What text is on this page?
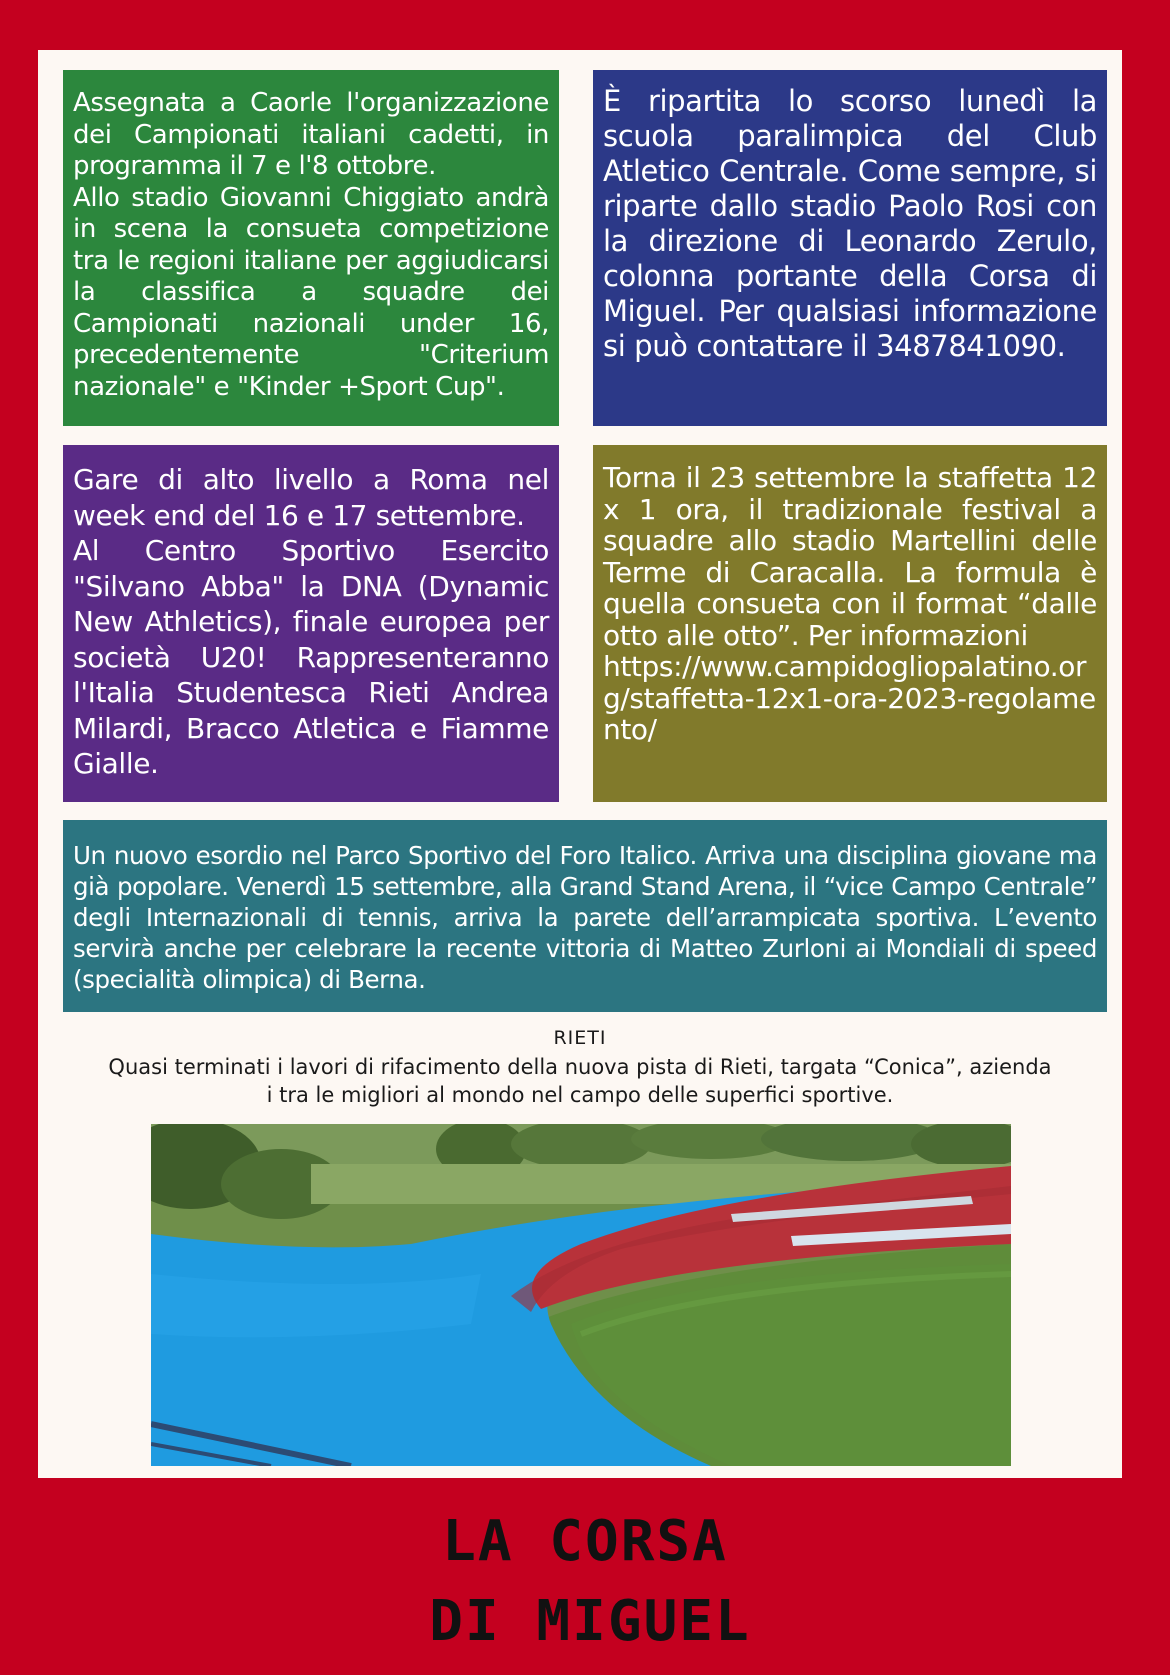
Assegnata a Caorle l'organizzazione dei Campionati italiani cadetti, in programma il 7 e l'8 ottobre.

Allo stadio Giovanni Chiggiato andrà in scena la consueta competizione tra le regioni italiane per aggiudicarsi la classifica a squadre dei Campionati nazionali under 16, precedentemente "Criterium nazionale" e "Kinder +Sport Cup".

È ripartita lo scorso lunedì la scuola paralimpica del Club Atletico Centrale. Come sempre, si riparte dallo stadio Paolo Rosi con la direzione di Leonardo Zerulo, colonna portante della Corsa di Miguel. Per qualsiasi informazione si può contattare il 3487841090.

Gare di alto livello a Roma nel week end del 16 e 17 settembre.

Al Centro Sportivo Esercito "Silvano Abba" la DNA (Dynamic New Athletics), finale europea per società U20! Rappresenteranno l'Italia Studentesca Rieti Andrea Milardi, Bracco Atletica e Fiamme Gialle.

Torna il 23 settembre la staffetta 12 x 1 ora, il tradizionale festival a squadre allo stadio Martellini delle Terme di Caracalla. La formula è quella consueta con il format “dalle otto alle otto”. Per informazioni

https://www.campidogliopalatino.org/staffetta-12x1-ora-2023-regolamento/

Un nuovo esordio nel Parco Sportivo del Foro Italico. Arriva una disciplina giovane ma già popolare. Venerdì 15 settembre, alla Grand Stand Arena, il “vice Campo Centrale” degli Internazionali di tennis, arriva la parete dell’arrampicata sportiva. L’evento servirà anche per celebrare la recente vittoria di Matteo Zurloni ai Mondiali di speed (specialità olimpica) di Berna.

RIETI
Quasi terminati i lavori di rifacimento della nuova pista di Rieti, targata “Conica”, azienda i tra le migliori al mondo nel campo delle superfici sportive.
LA CORSA
DI MIGUEL
